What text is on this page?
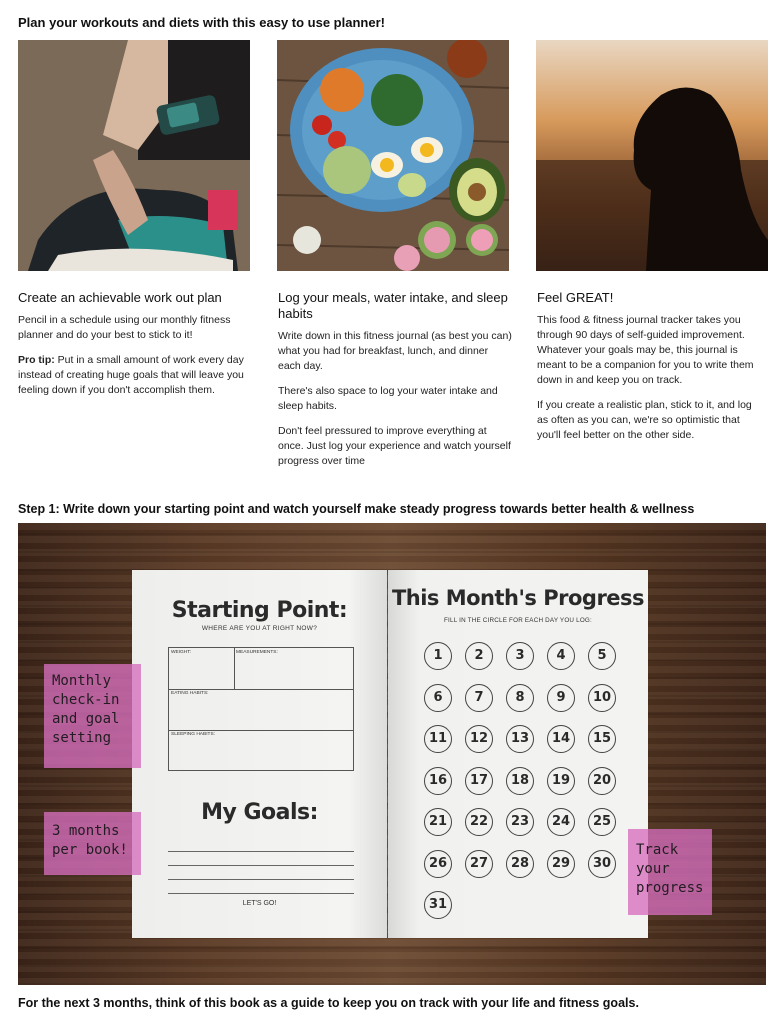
Plan your workouts and diets with this easy to use planner!
Create an achievable work out plan

Pencil in a schedule using our monthly fitness planner and do your best to stick to it!

Pro tip: Put in a small amount of work every day instead of creating huge goals that will leave you feeling down if you don't accomplish them.

Log your meals, water intake, and sleep habits

Write down in this fitness journal (as best you can) what you had for breakfast, lunch, and dinner each day.

There's also space to log your water intake and sleep habits.

Don't feel pressured to improve everything at once. Just log your experience and watch yourself progress over time

Feel GREAT!

This food & fitness journal tracker takes you through 90 days of self-guided improvement. Whatever your goals may be, this journal is meant to be a companion for you to write them down in and keep you on track.

If you create a realistic plan, stick to it, and log as often as you can, we're so optimistic that you'll feel better on the other side.

Step 1: Write down your starting point and watch yourself make steady progress towards better health & wellness
Starting Point:
WHERE ARE YOU AT RIGHT NOW?
WEIGHT:	MEASUREMENTS:
EATING HABITS:
SLEEPING HABITS:
My Goals:
LET'S GO!
This Month's Progress
FILL IN THE CIRCLE FOR EACH DAY YOU LOG:
1	2	3	4	5
6	7	8	9	10
11	12	13	14	15
16	17	18	19	20
21	22	23	24	25
26	27	28	29	30
31
Monthly check-in and goal setting
3 months per book!	Track your progress
For the next 3 months, think of this book as a guide to keep you on track with your life and fitness goals.
